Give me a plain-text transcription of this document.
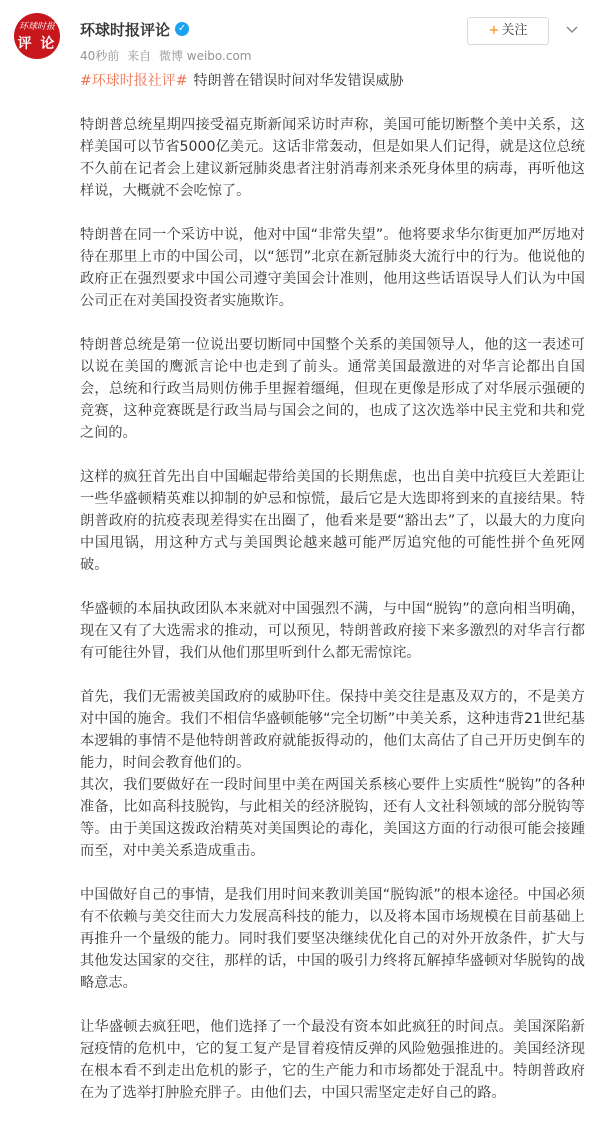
环球时报
评 论
环球时报评论 ✓
40秒前 来自 微博 weibo.com
+ 关注
#环球时报社评# 特朗普在错误时间对华发错误威胁

特朗普总统星期四接受福克斯新闻采访时声称，美国可能切断整个美中关系，这样美国可以节省5000亿美元。这话非常轰动，但是如果人们记得，就是这位总统不久前在记者会上建议新冠肺炎患者注射消毒剂来杀死身体里的病毒，再听他这样说，大概就不会吃惊了。

特朗普在同一个采访中说，他对中国“非常失望”。他将要求华尔街更加严厉地对待在那里上市的中国公司，以“惩罚”北京在新冠肺炎大流行中的行为。他说他的政府正在强烈要求中国公司遵守美国会计准则，他用这些话语误导人们认为中国公司正在对美国投资者实施欺诈。

特朗普总统是第一位说出要切断同中国整个关系的美国领导人，他的这一表述可以说在美国的鹰派言论中也走到了前头。通常美国最激进的对华言论都出自国会，总统和行政当局则仿佛手里握着缰绳，但现在更像是形成了对华展示强硬的竞赛，这种竞赛既是行政当局与国会之间的，也成了这次选举中民主党和共和党之间的。

这样的疯狂首先出自中国崛起带给美国的长期焦虑，也出自美中抗疫巨大差距让一些华盛顿精英难以抑制的妒忌和惊慌，最后它是大选即将到来的直接结果。特朗普政府的抗疫表现差得实在出圈了，他看来是要“豁出去”了，以最大的力度向中国甩锅，用这种方式与美国舆论越来越可能严厉追究他的可能性拼个鱼死网破。

华盛顿的本届执政团队本来就对中国强烈不满，与中国“脱钩”的意向相当明确，现在又有了大选需求的推动，可以预见，特朗普政府接下来多激烈的对华言行都有可能往外冒，我们从他们那里听到什么都无需惊诧。

首先，我们无需被美国政府的威胁吓住。保持中美交往是惠及双方的，不是美方对中国的施舍。我们不相信华盛顿能够“完全切断”中美关系，这种违背21世纪基本逻辑的事情不是他特朗普政府就能扳得动的，他们太高估了自己开历史倒车的能力，时间会教育他们的。

其次，我们要做好在一段时间里中美在两国关系核心要件上实质性“脱钩”的各种准备，比如高科技脱钩，与此相关的经济脱钩，还有人文社科领域的部分脱钩等等。由于美国这拨政治精英对美国舆论的毒化，美国这方面的行动很可能会接踵而至，对中美关系造成重击。

中国做好自己的事情，是我们用时间来教训美国“脱钩派”的根本途径。中国必须有不依赖与美交往而大力发展高科技的能力，以及将本国市场规模在目前基础上再推升一个量级的能力。同时我们要坚决继续优化自己的对外开放条件，扩大与其他发达国家的交往，那样的话，中国的吸引力终将瓦解掉华盛顿对华脱钩的战略意志。

让华盛顿去疯狂吧，他们选择了一个最没有资本如此疯狂的时间点。美国深陷新冠疫情的危机中，它的复工复产是冒着疫情反弹的风险勉强推进的。美国经济现在根本看不到走出危机的影子，它的生产能力和市场都处于混乱中。特朗普政府在为了选举打肿脸充胖子。由他们去，中国只需坚定走好自己的路。
